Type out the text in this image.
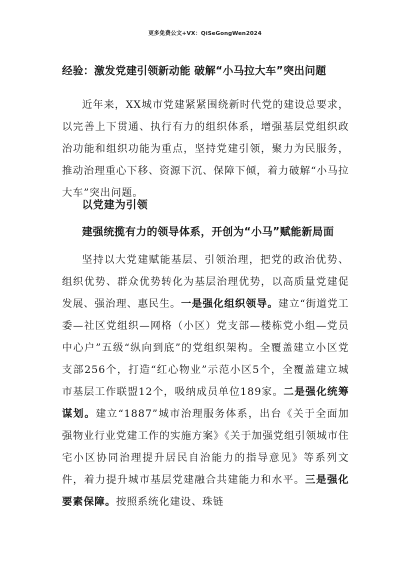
更多免费公文+VX：QiSeGongWen2024
经验：激发党建引领新动能 破解“小马拉大车”突出问题
近年来，XX城市党建紧紧围绕新时代党的建设总要求，以完善上下贯通、执行有力的组织体系，增强基层党组织政治功能和组织功能为重点，坚持党建引领，聚力为民服务，推动治理重心下移、资源下沉、保障下倾，着力破解“小马拉大车”突出问题。
以党建为引领
建强统揽有力的领导体系，开创为“小马”赋能新局面
坚持以大党建赋能基层、引领治理，把党的政治优势、组织优势、群众优势转化为基层治理优势，以高质量党建促发展、强治理、惠民生。一是强化组织领导。建立“街道党工委—社区党组织—网格（小区）党支部—楼栋党小组—党员中心户”五级“纵向到底”的党组织架构。全覆盖建立小区党支部256个，打造“红心物业”示范小区5个，全覆盖建立城市基层工作联盟12个，吸纳成员单位189家。二是强化统筹谋划。建立“1887”城市治理服务体系，出台《关于全面加强物业行业党建工作的实施方案》《关于加强党组引领城市住宅小区协同治理提升居民自治能力的指导意见》等系列文件，着力提升城市基层党建融合共建能力和水平。三是强化要素保障。按照系统化建设、珠链
